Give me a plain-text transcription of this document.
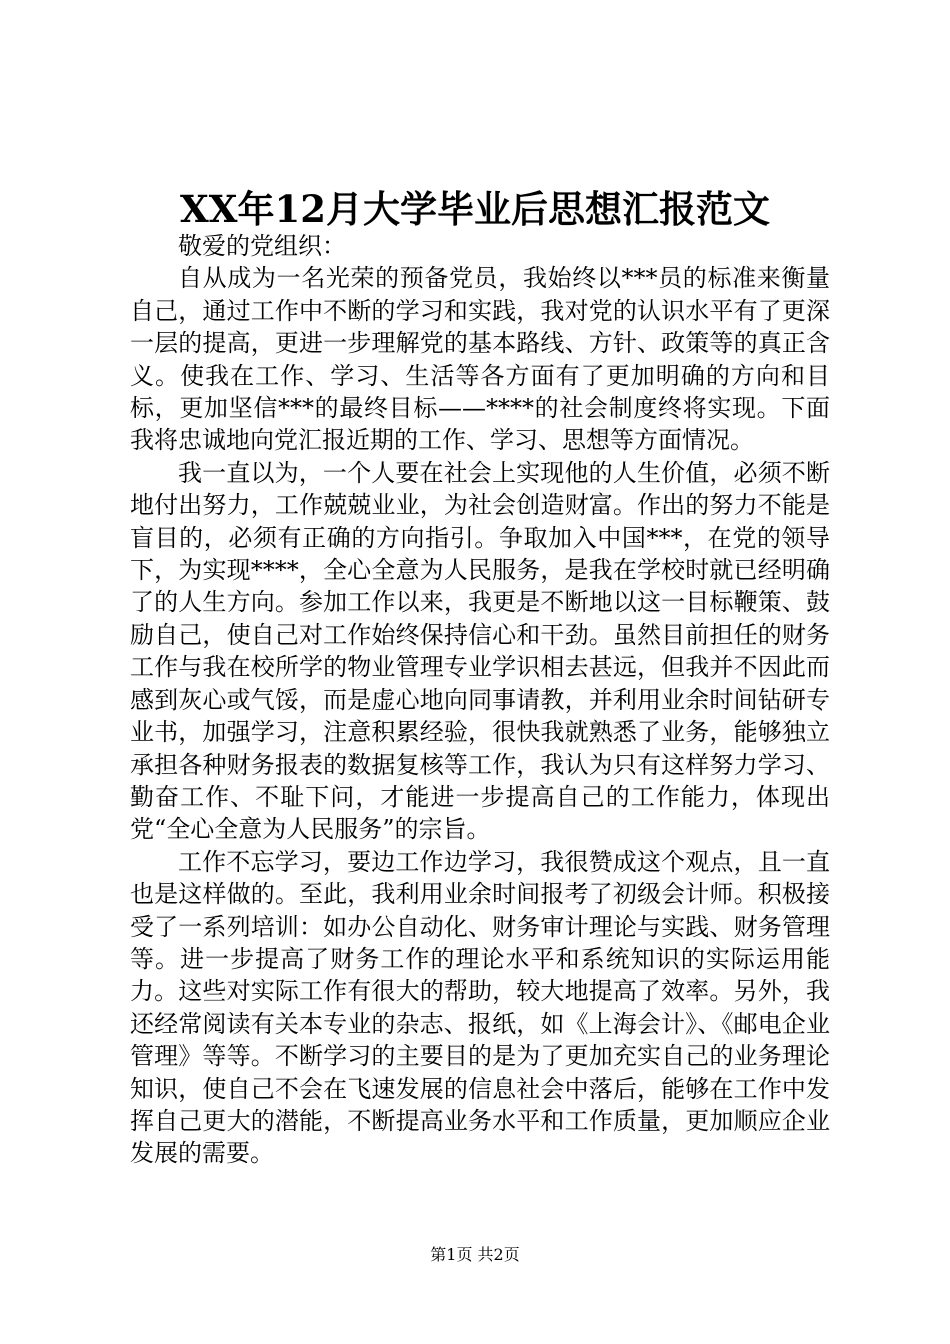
XX年12月大学毕业后思想汇报范文

敬爱的党组织：

自从成为一名光荣的预备党员，我始终以***员的标准来衡量自己，通过工作中不断的学习和实践，我对党的认识水平有了更深一层的提高，更进一步理解党的基本路线、方针、政策等的真正含义。使我在工作、学习、生活等各方面有了更加明确的方向和目标，更加坚信***的最终目标——****的社会制度终将实现。下面我将忠诚地向党汇报近期的工作、学习、思想等方面情况。

我一直以为，一个人要在社会上实现他的人生价值，必须不断地付出努力，工作兢兢业业，为社会创造财富。作出的努力不能是盲目的，必须有正确的方向指引。争取加入中国***，在党的领导下，为实现****，全心全意为人民服务，是我在学校时就已经明确了的人生方向。参加工作以来，我更是不断地以这一目标鞭策、鼓励自己，使自己对工作始终保持信心和干劲。虽然目前担任的财务工作与我在校所学的物业管理专业学识相去甚远，但我并不因此而感到灰心或气馁，而是虚心地向同事请教，并利用业余时间钻研专业书，加强学习，注意积累经验，很快我就熟悉了业务，能够独立承担各种财务报表的数据复核等工作，我认为只有这样努力学习、勤奋工作、不耻下问，才能进一步提高自己的工作能力，体现出党“全心全意为人民服务”的宗旨。

工作不忘学习，要边工作边学习，我很赞成这个观点，且一直也是这样做的。至此，我利用业余时间报考了初级会计师。积极接受了一系列培训：如办公自动化、财务审计理论与实践、财务管理等。进一步提高了财务工作的理论水平和系统知识的实际运用能力。这些对实际工作有很大的帮助，较大地提高了效率。另外，我还经常阅读有关本专业的杂志、报纸，如《上海会计》、《邮电企业管理》等等。不断学习的主要目的是为了更加充实自己的业务理论知识，使自己不会在飞速发展的信息社会中落后，能够在工作中发挥自己更大的潜能，不断提高业务水平和工作质量，更加顺应企业发展的需要。

第1页 共2页
